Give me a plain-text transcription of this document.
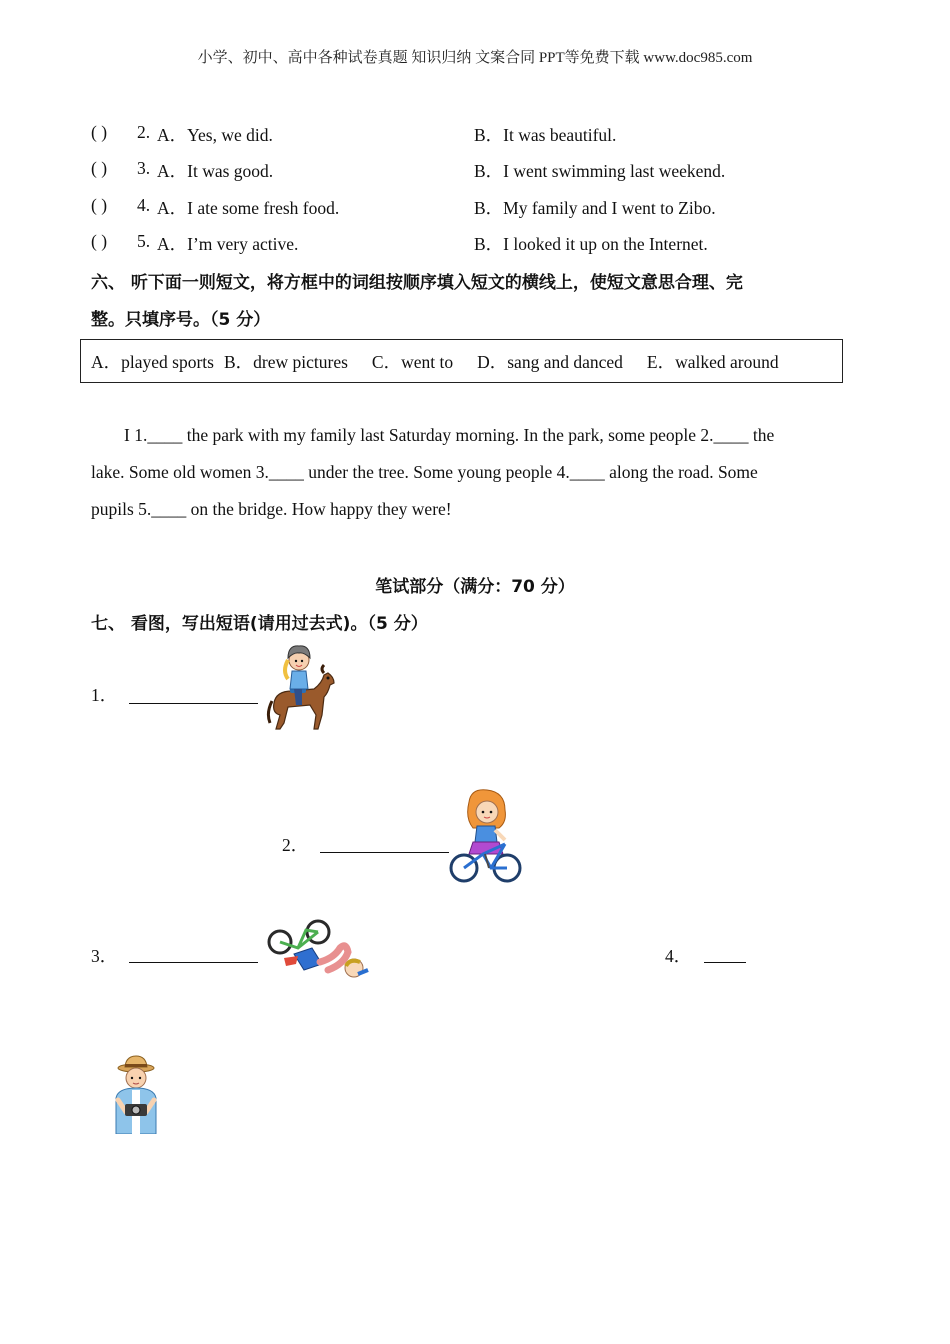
小学、初中、高中各种试卷真题 知识归纳 文案合同 PPT等免费下载 www.doc985.com
( ) 2. A．Yes, we did.	B．It was beautiful.
( ) 3. A．It was good.	B．I went swimming last weekend.
( ) 4. A．I ate some fresh food.	B．My family and I went to Zibo.
( ) 5. A．I’m very active.	B．I looked it up on the Internet.
六、 听下面一则短文，将方框中的词组按顺序填入短文的横线上，使短文意思合理、完
整。只填序号。（5 分）
A．played sports B．drew pictures C．went to D．sang and danced E．walked around
I 1.____ the park with my family last Saturday morning. In the park, some people 2.____ the
lake. Some old women 3.____ under the tree. Some young people 4.____ along the road. Some
pupils 5.____ on the bridge. How happy they were!
笔试部分（满分：70 分）
七、 看图，写出短语(请用过去式)。（5 分）
1．
2．
3．	4．
